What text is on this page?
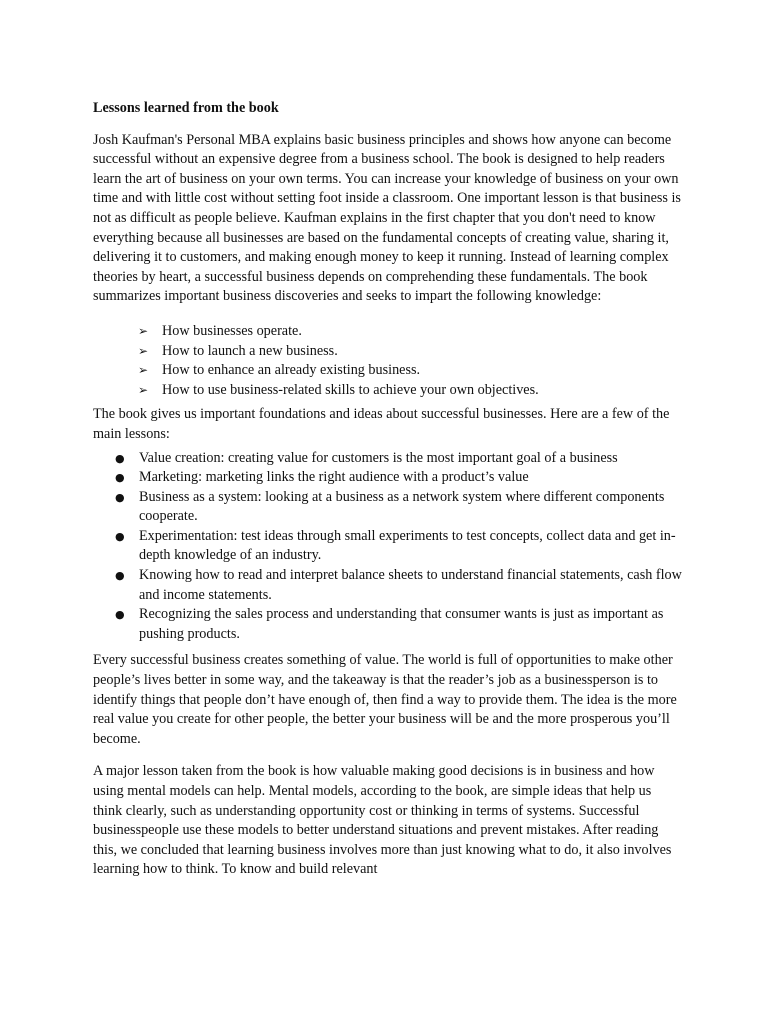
Lessons learned from the book

Josh Kaufman's Personal MBA explains basic business principles and shows how anyone can become successful without an expensive degree from a business school. The book is designed to help readers learn the art of business on your own terms. You can increase your knowledge of business on your own time and with little cost without setting foot inside a classroom. One important lesson is that business is not as difficult as people believe. Kaufman explains in the first chapter that you don't need to know everything because all businesses are based on the fundamental concepts of creating value, sharing it, delivering it to customers, and making enough money to keep it running. Instead of learning complex theories by heart, a successful business depends on comprehending these fundamentals. The book summarizes important business discoveries and seeks to impart the following knowledge:

➢ How businesses operate.
➢ How to launch a new business.
➢ How to enhance an already existing business.
➢ How to use business-related skills to achieve your own objectives.

The book gives us important foundations and ideas about successful businesses. Here are a few of the main lessons:

● Value creation: creating value for customers is the most important goal of a business
● Marketing: marketing links the right audience with a product’s value
● Business as a system: looking at a business as a network system where different components cooperate.
● Experimentation: test ideas through small experiments to test concepts, collect data and get in-depth knowledge of an industry.
● Knowing how to read and interpret balance sheets to understand financial statements, cash flow and income statements.
● Recognizing the sales process and understanding that consumer wants is just as important as pushing products.

Every successful business creates something of value. The world is full of opportunities to make other people’s lives better in some way, and the takeaway is that the reader’s job as a businessperson is to identify things that people don’t have enough of, then find a way to provide them. The idea is the more real value you create for other people, the better your business will be and the more prosperous you’ll become.

A major lesson taken from the book is how valuable making good decisions is in business and how using mental models can help. Mental models, according to the book, are simple ideas that help us think clearly, such as understanding opportunity cost or thinking in terms of systems. Successful businesspeople use these models to better understand situations and prevent mistakes. After reading this, we concluded that learning business involves more than just knowing what to do, it also involves learning how to think. To know and build relevant
